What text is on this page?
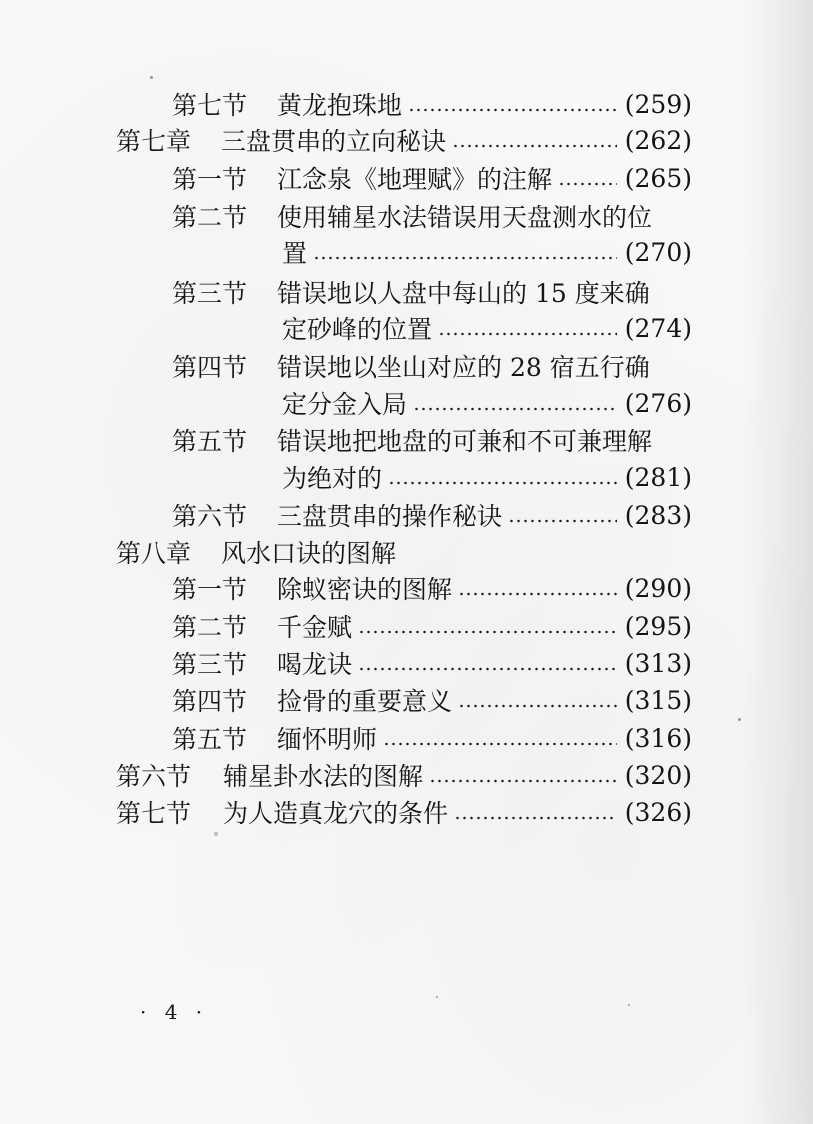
第七节 黄龙抱珠地	(259)
第七章 三盘贯串的立向秘诀	(262)
第一节 江念泉《地理赋》的注解	(265)
第二节 使用辅星水法错误用天盘测水的位
置	(270)
第三节 错误地以人盘中每山的 15 度来确
定砂峰的位置	(274)
第四节 错误地以坐山对应的 28 宿五行确
定分金入局	(276)
第五节 错误地把地盘的可兼和不可兼理解
为绝对的	(281)
第六节 三盘贯串的操作秘诀	(283)
第八章 风水口诀的图解
第一节 除蚁密诀的图解	(290)
第二节 千金赋	(295)
第三节 喝龙诀	(313)
第四节 捡骨的重要意义	(315)
第五节 缅怀明师	(316)
第六节 辅星卦水法的图解	(320)
第七节 为人造真龙穴的条件	(326)
· 4 ·
